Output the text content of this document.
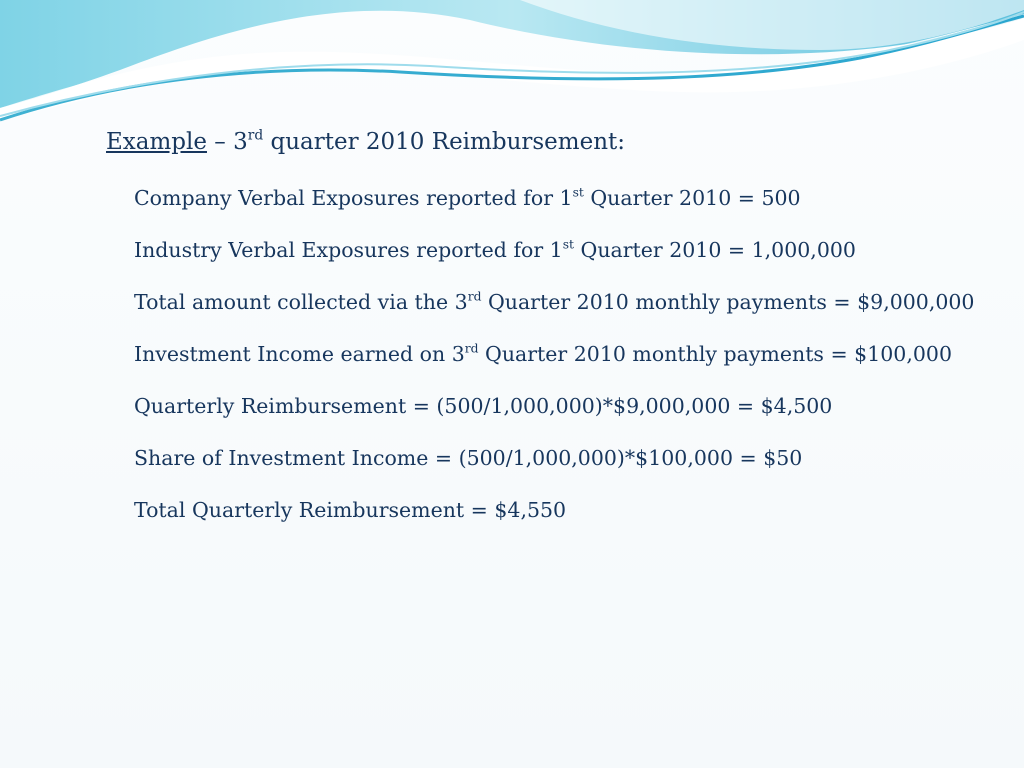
Example – 3rd quarter 2010 Reimbursement:
Company Verbal Exposures reported for 1st Quarter 2010 = 500
Industry Verbal Exposures reported for 1st Quarter 2010 = 1,000,000
Total amount collected via the 3rd Quarter 2010 monthly payments = $9,000,000
Investment Income earned on 3rd Quarter 2010 monthly payments = $100,000
Quarterly Reimbursement = (500/1,000,000)*$9,000,000 = $4,500
Share of Investment Income = (500/1,000,000)*$100,000 = $50
Total Quarterly Reimbursement = $4,550
